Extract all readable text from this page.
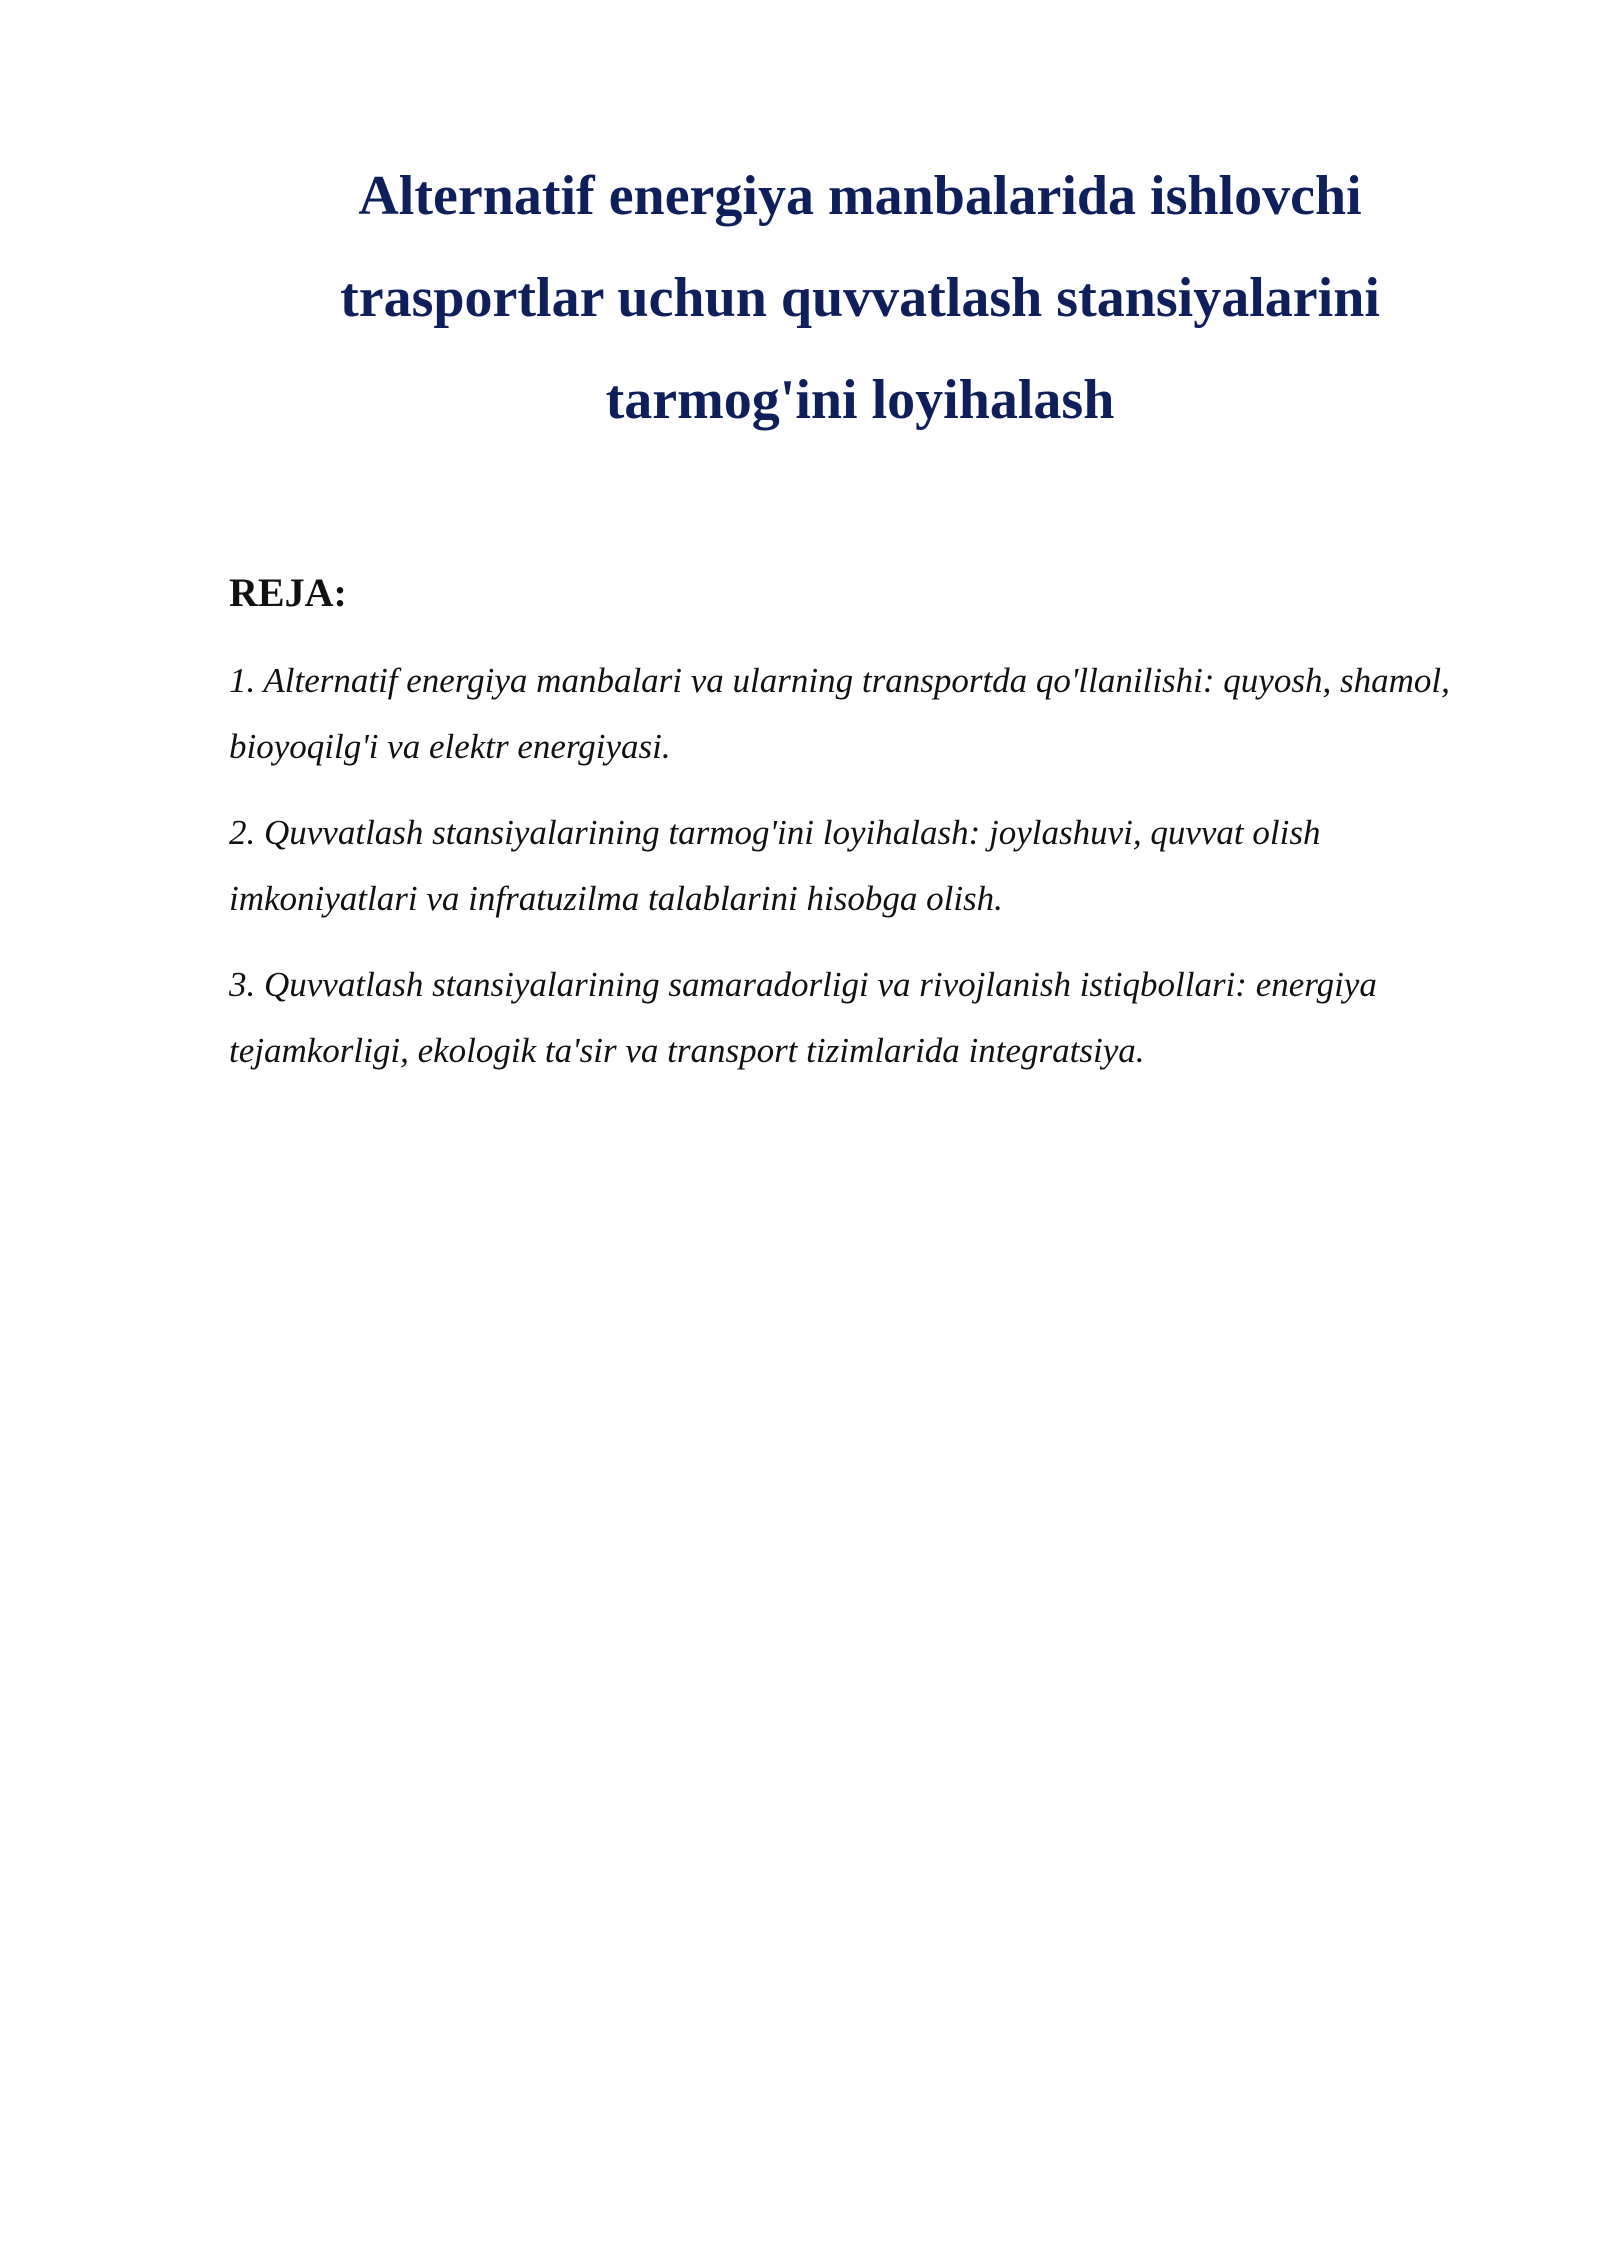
Alternatif energiya manbalarida ishlovchi
trasportlar uchun quvvatlash stansiyalarini
tarmog'ini loyihalash
REJA:
1. Alternatif energiya manbalari va ularning transportda qo'llanilishi: quyosh, shamol, bioyoqilg'i va elektr energiyasi.
2. Quvvatlash stansiyalarining tarmog'ini loyihalash: joylashuvi, quvvat olish imkoniyatlari va infratuzilma talablarini hisobga olish.
3. Quvvatlash stansiyalarining samaradorligi va rivojlanish istiqbollari: energiya tejamkorligi, ekologik ta'sir va transport tizimlarida integratsiya.
